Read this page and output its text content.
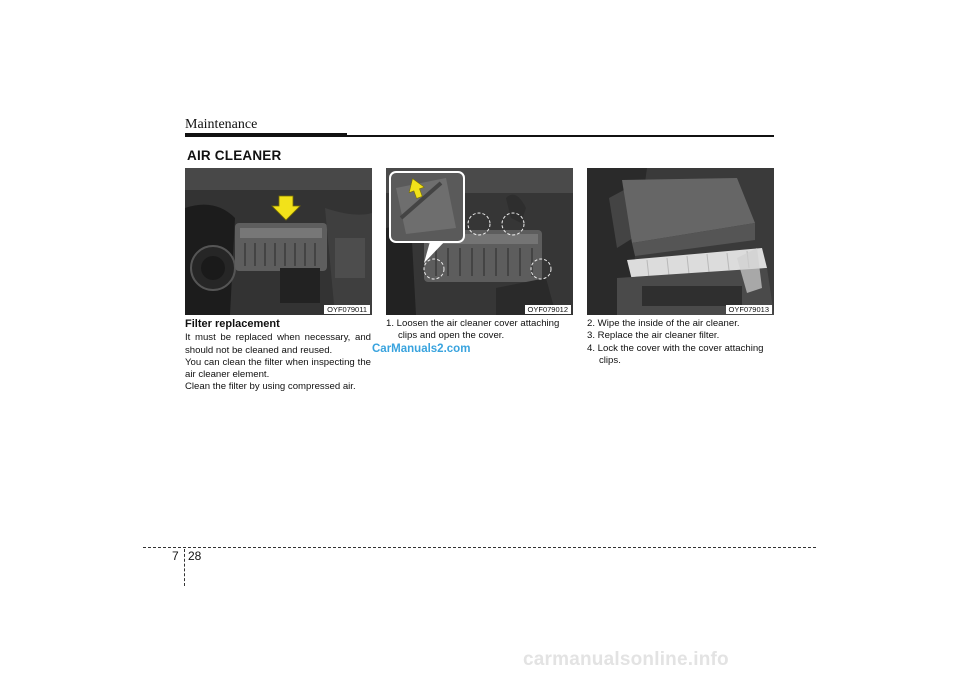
Maintenance
AIR CLEANER
OYF079011	OYF079012	OYF079013
Filter replacement

It must be replaced when necessary, and should not be cleaned and reused.

You can clean the filter when inspecting the air cleaner element.

Clean the filter by using compressed air.

1. Loosen the air cleaner cover attaching clips and open the cover.

CarManuals2.com

2. Wipe the inside of the air cleaner.

3. Replace the air cleaner filter.

4. Lock the cover with the cover attaching clips.

7 28
carmanualsonline.info
